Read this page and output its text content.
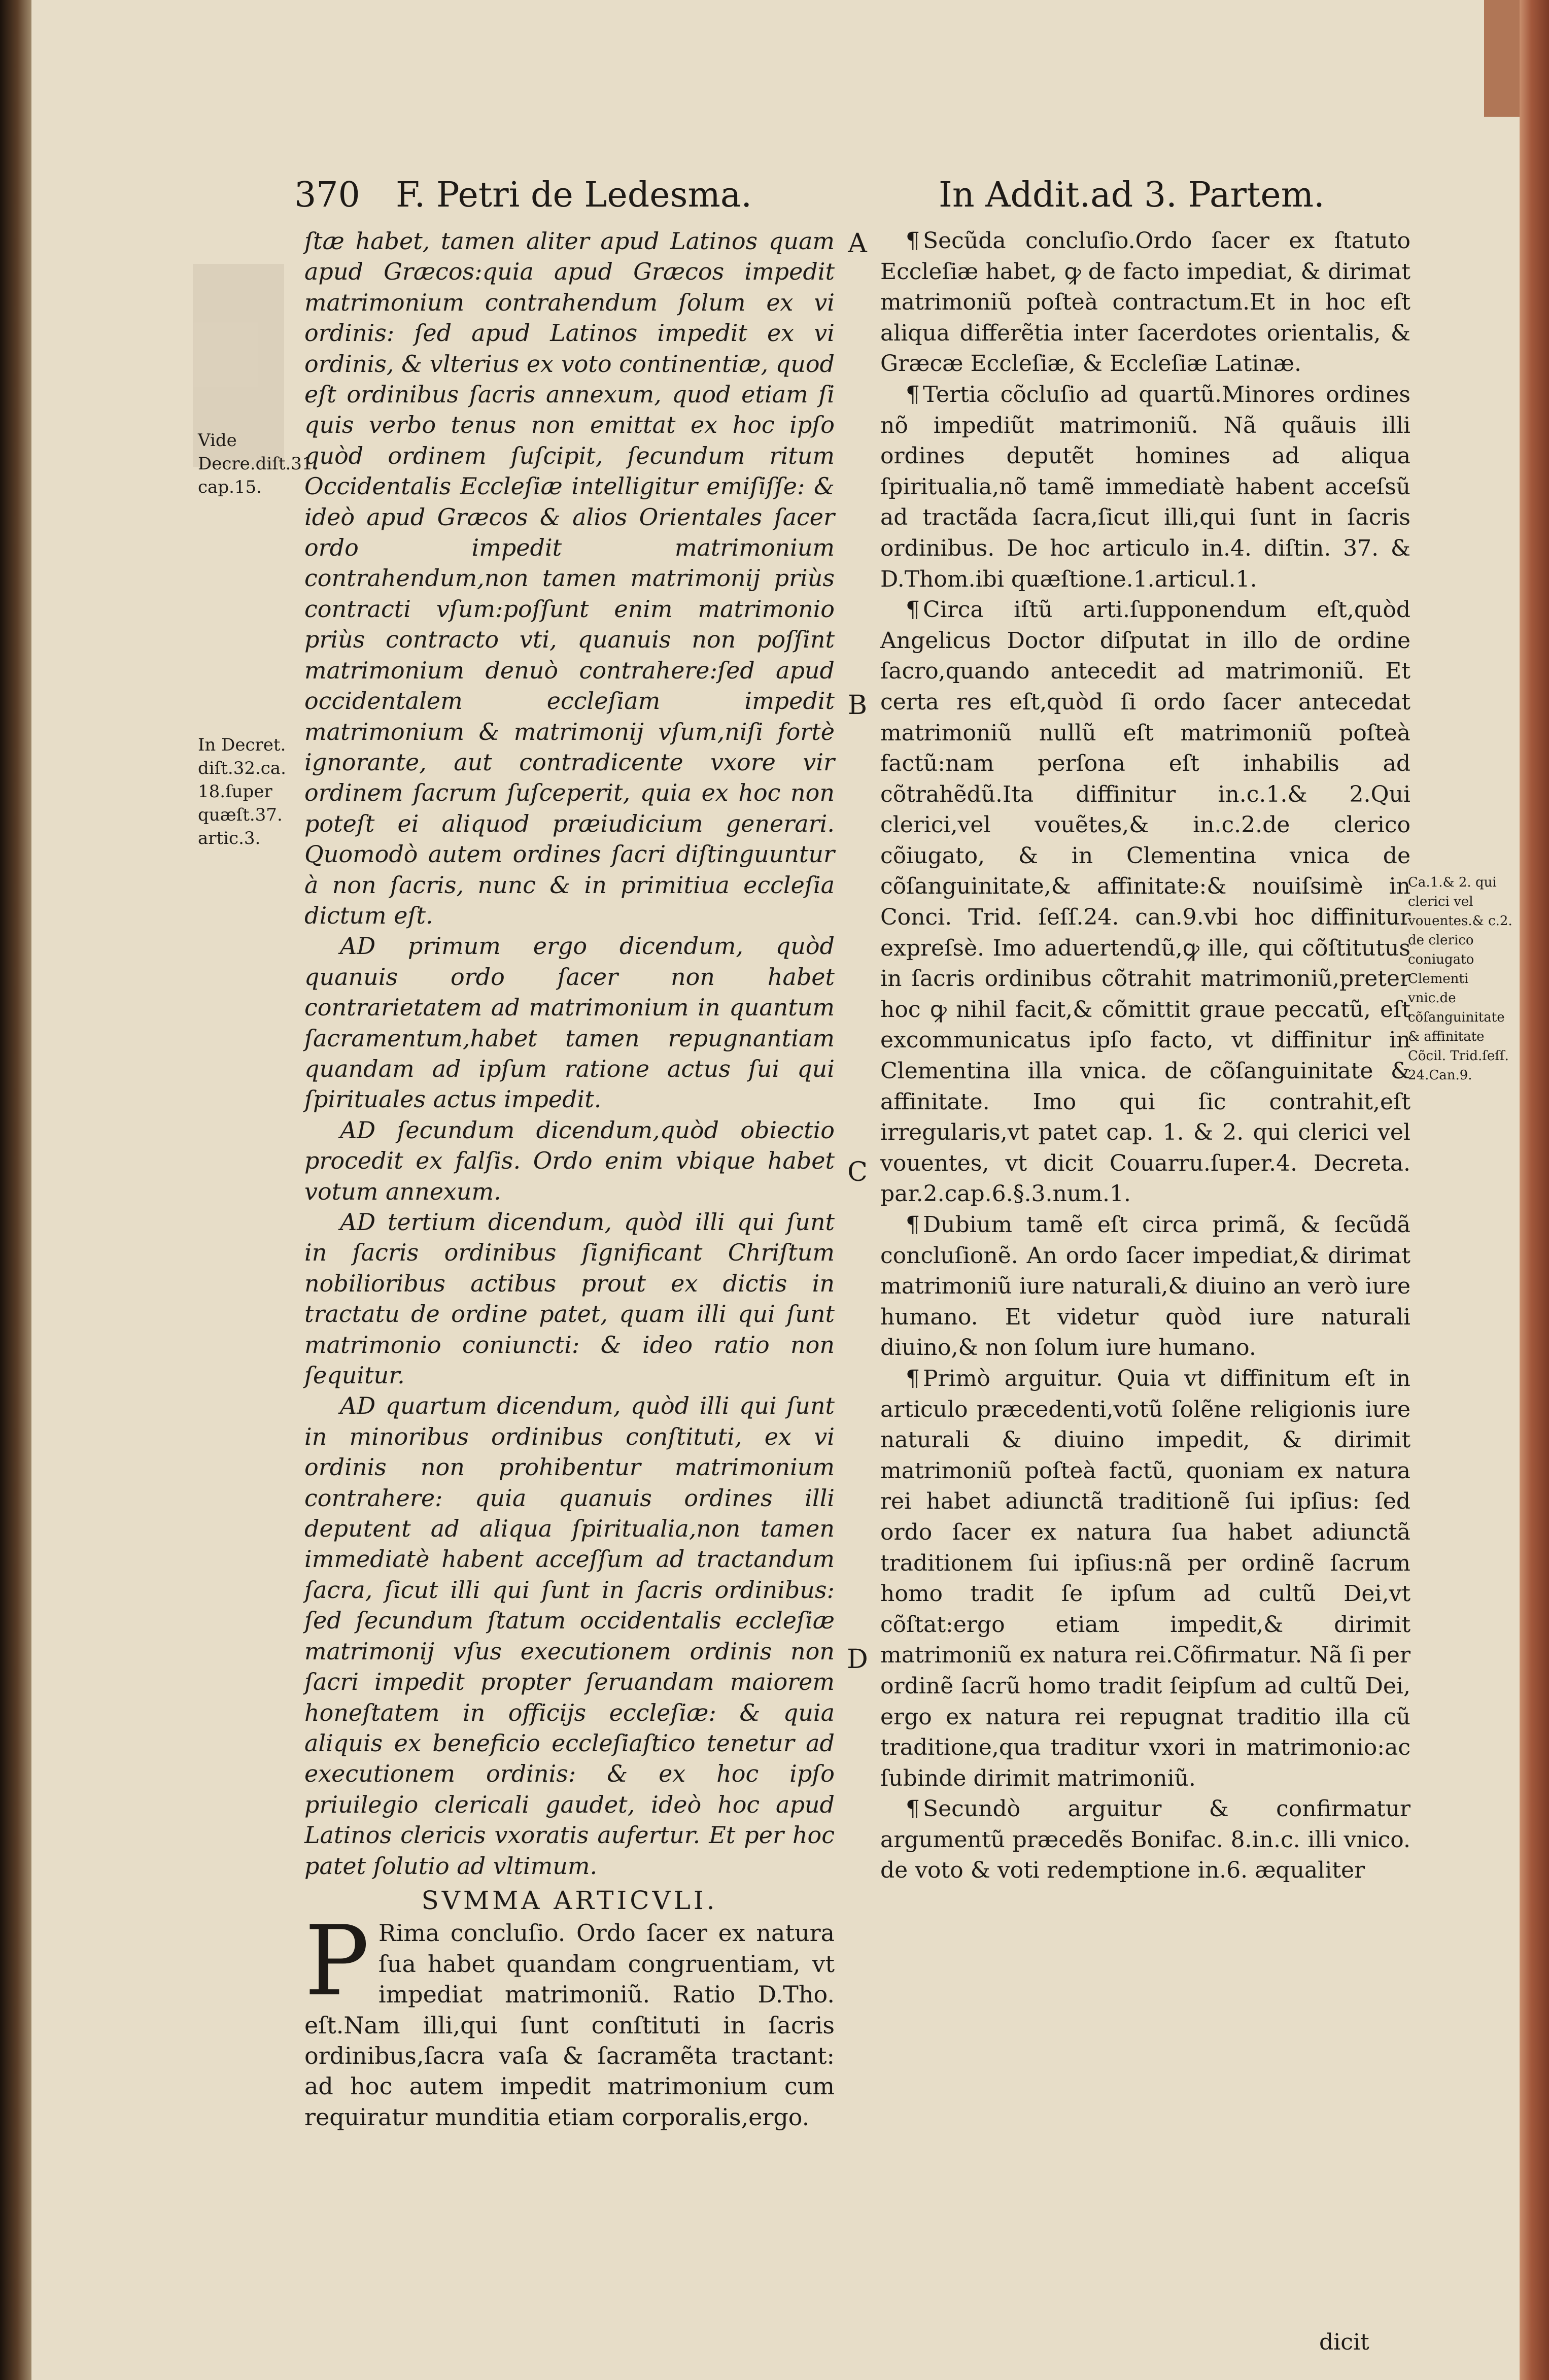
370 F. Petri de Ledesma.	In Addit.ad 3. Partem.
Vide Decre.diſt.31. cap.15.
In Decret. diſt.32.ca. 18.ſuper quæſt.37. artic.3.
Ca.1.& 2. qui clerici vel vouentes.& c.2. de clerico coniugato Clementi vnic.de cõſanguinitate & affinitate Cõcil. Trid.ſeſſ. 24.Can.9.
A
B
C
D

ſtæ habet, tamen aliter apud Latinos quam apud Græcos:quia apud Græcos impedit matrimonium contrahendum ſolum ex vi ordinis: ſed apud Latinos impedit ex vi ordinis, & vlterius ex voto continentiæ, quod eſt ordinibus ſacris annexum, quod etiam ſi quis verbo tenus non emittat ex hoc ipſo quòd ordinem ſuſcipit, ſecundum ritum Occidentalis Eccleſiæ intelligitur emiſiſſe: & ideò apud Græcos & alios Orientales ſacer ordo impedit matrimonium contrahendum,non tamen matrimonij priùs contracti vſum:poſſunt enim matrimonio priùs contracto vti, quanuis non poſſint matrimonium denuò contrahere:ſed apud occidentalem eccleſiam impedit matrimonium & matrimonij vſum,niſi fortè ignorante, aut contradicente vxore vir ordinem ſacrum ſuſceperit, quia ex hoc non poteſt ei aliquod præiudicium generari. Quomodò autem ordines ſacri diſtinguuntur à non ſacris, nunc & in primitiua eccleſia dictum eſt.

AD primum ergo dicendum, quòd quanuis ordo ſacer non habet contrarietatem ad matrimonium in quantum ſacramentum,habet tamen repugnantiam quandam ad ipſum ratione actus ſui qui ſpirituales actus impedit.

AD ſecundum dicendum,quòd obiectio procedit ex falſis. Ordo enim vbique habet votum annexum.

AD tertium dicendum, quòd illi qui ſunt in ſacris ordinibus ſignificant Chriſtum nobilioribus actibus prout ex dictis in tractatu de ordine patet, quam illi qui ſunt matrimonio coniuncti: & ideo ratio non ſequitur.

AD quartum dicendum, quòd illi qui ſunt in minoribus ordinibus conſtituti, ex vi ordinis non prohibentur matrimonium contrahere: quia quanuis ordines illi deputent ad aliqua ſpiritualia,non tamen immediatè habent acceſſum ad tractandum ſacra, ſicut illi qui ſunt in ſacris ordinibus: ſed ſecundum ſtatum occidentalis eccleſiæ matrimonij vſus executionem ordinis non ſacri impedit propter ſeruandam maiorem honeſtatem in officijs eccleſiæ: & quia aliquis ex beneficio eccleſiaſtico tenetur ad executionem ordinis: & ex hoc ipſo priuilegio clericali gaudet, ideò hoc apud Latinos clericis vxoratis aufertur. Et per hoc patet ſolutio ad vltimum.

SVMMA ARTICVLI.

P Rima concluſio. Ordo ſacer ex natura ſua habet quandam congruentiam, vt impediat matrimoniũ. Ratio D.Tho. eſt.Nam illi,qui ſunt conſtituti in ſacris ordinibus,ſacra vaſa & ſacramẽta tractant: ad hoc autem impedit matrimonium cum requiratur munditia etiam corporalis,ergo.

¶ Secũda concluſio.Ordo ſacer ex ſtatuto Eccleſiæ habet, ꝙ de facto impediat, & dirimat matrimoniũ poſteà contractum.Et in hoc eſt aliqua differẽtia inter ſacerdotes orientalis, & Græcæ Eccleſiæ, & Eccleſiæ Latinæ.

¶ Tertia cõcluſio ad quartũ.Minores ordines nõ impediũt matrimoniũ. Nã quãuis illi ordines deputẽt homines ad aliqua ſpiritualia,nõ tamẽ immediatè habent acceſsũ ad tractãda ſacra,ſicut illi,qui ſunt in ſacris ordinibus. De hoc articulo in.4. diſtin. 37. & D.Thom.ibi quæſtione.1.articul.1.

¶ Circa iſtũ arti.ſupponendum eſt,quòd Angelicus Doctor diſputat in illo de ordine ſacro,quando antecedit ad matrimoniũ. Et certa res eſt,quòd ſi ordo ſacer antecedat matrimoniũ nullũ eſt matrimoniũ poſteà factũ:nam perſona eſt inhabilis ad cõtrahẽdũ.Ita diffinitur in.c.1.& 2.Qui clerici,vel vouẽtes,& in.c.2.de clerico cõiugato, & in Clementina vnica de cõſanguinitate,& affinitate:& nouiſsimè in Conci. Trid. ſeſſ.24. can.9.vbi hoc diffinitur expreſsè. Imo aduertendũ,ꝙ ille, qui cõſtitutus in ſacris ordinibus cõtrahit matrimoniũ,preter hoc ꝙ nihil facit,& cõmittit graue peccatũ, eſt excommunicatus ipſo facto, vt diffinitur in Clementina illa vnica. de cõſanguinitate & affinitate. Imo qui ſic contrahit,eſt irregularis,vt patet cap. 1. & 2. qui clerici vel vouentes, vt dicit Couarru.ſuper.4. Decreta. par.2.cap.6.§.3.num.1.

¶ Dubium tamẽ eſt circa primã, & ſecũdã concluſionẽ. An ordo ſacer impediat,& dirimat matrimoniũ iure naturali,& diuino an verò iure humano. Et videtur quòd iure naturali diuino,& non ſolum iure humano.

¶ Primò arguitur. Quia vt diffinitum eſt in articulo præcedenti,votũ ſolẽne religionis iure naturali & diuino impedit, & dirimit matrimoniũ poſteà factũ, quoniam ex natura rei habet adiunctã traditionẽ ſui ipſius: ſed ordo ſacer ex natura ſua habet adiunctã traditionem ſui ipſius:nã per ordinẽ ſacrum homo tradit ſe ipſum ad cultũ Dei,vt cõſtat:ergo etiam impedit,& dirimit matrimoniũ ex natura rei.Cõfirmatur. Nã ſi per ordinẽ ſacrũ homo tradit ſeipſum ad cultũ Dei, ergo ex natura rei repugnat traditio illa cũ traditione,qua traditur vxori in matrimonio:ac ſubinde dirimit matrimoniũ.

¶ Secundò arguitur & confirmatur argumentũ præcedẽs Bonifac. 8.in.c. illi vnico. de voto & voti redemptione in.6. æqualiter

dicit
